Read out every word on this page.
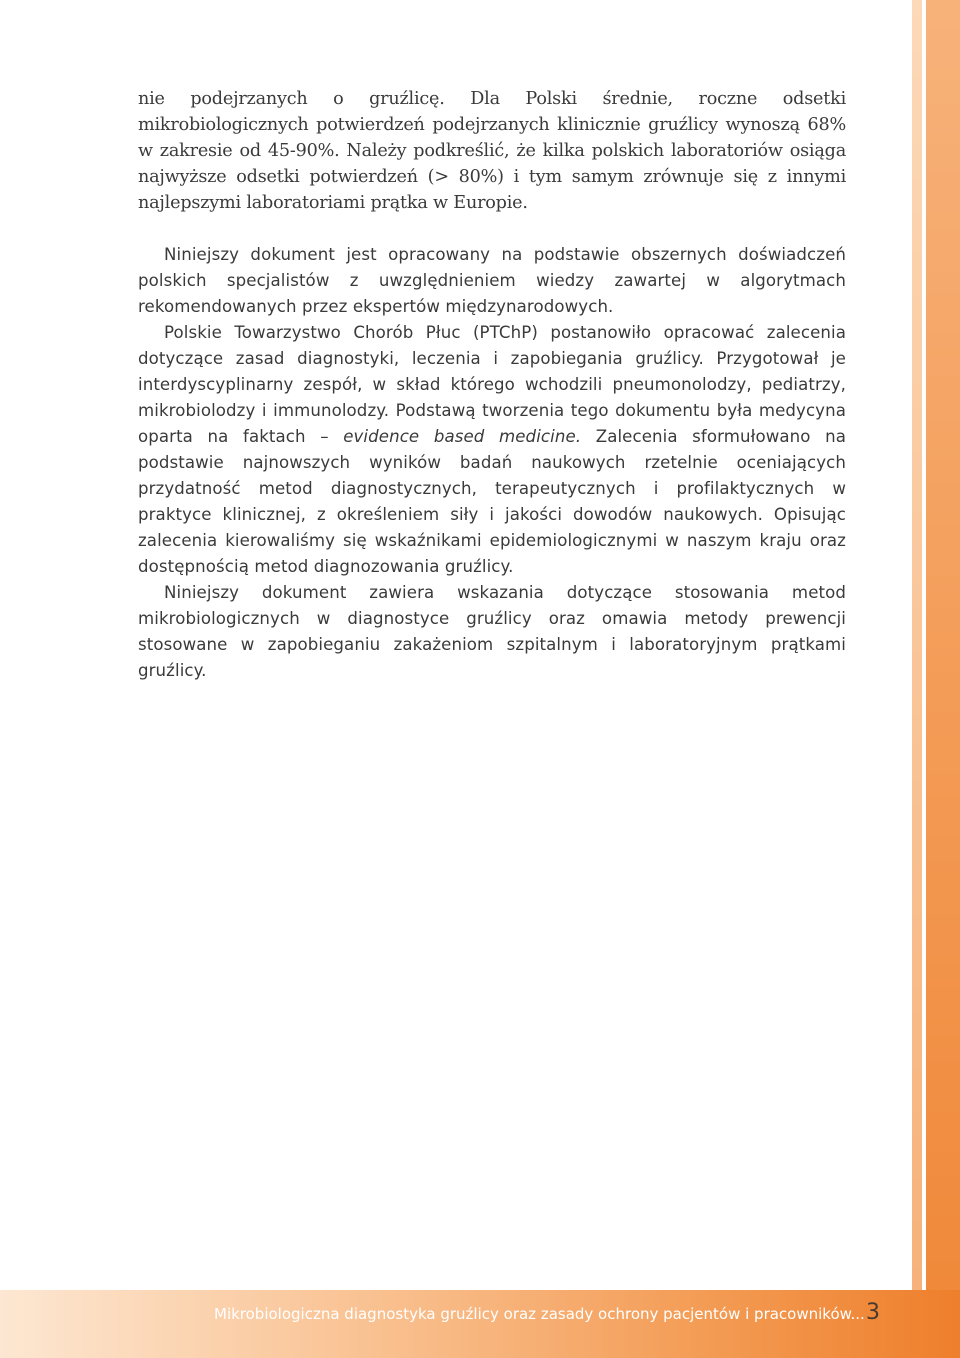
nie podejrzanych o gruźlicę. Dla Polski średnie, roczne odsetki mikrobiologicznych potwierdzeń podejrzanych klinicznie gruźlicy wynoszą 68% w zakresie od 45-90%. Należy podkreślić, że kilka polskich laboratoriów osiąga najwyższe odsetki potwierdzeń (> 80%) i tym samym zrównuje się z innymi najlepszymi laboratoriami prątka w Europie.

Niniejszy dokument jest opracowany na podstawie obszernych doświadczeń polskich specjalistów z uwzględnieniem wiedzy zawartej w algorytmach rekomendowanych przez ekspertów międzynarodowych.

Polskie Towarzystwo Chorób Płuc (PTChP) postanowiło opracować zalecenia dotyczące zasad diagnostyki, leczenia i zapobiegania gruźlicy. Przygotował je interdyscyplinarny zespół, w skład którego wchodzili pneumonolodzy, pediatrzy, mikrobiolodzy i immunolodzy. Podstawą tworzenia tego dokumentu była medycyna oparta na faktach – evidence based medicine. Zalecenia sformułowano na podstawie najnowszych wyników badań naukowych rzetelnie oceniających przydatność metod diagnostycznych, terapeutycznych i profilaktycznych w praktyce klinicznej, z określeniem siły i jakości dowodów naukowych. Opisując zalecenia kierowaliśmy się wskaźnikami epidemiologicznymi w naszym kraju oraz dostępnością metod diagnozowania gruźlicy.

Niniejszy dokument zawiera wskazania dotyczące stosowania metod mikrobiologicznych w diagnostyce gruźlicy oraz omawia metody prewencji stosowane w zapobieganiu zakażeniom szpitalnym i laboratoryjnym prątkami gruźlicy.

Mikrobiologiczna diagnostyka gruźlicy oraz zasady ochrony pacjentów i pracowników... 3
